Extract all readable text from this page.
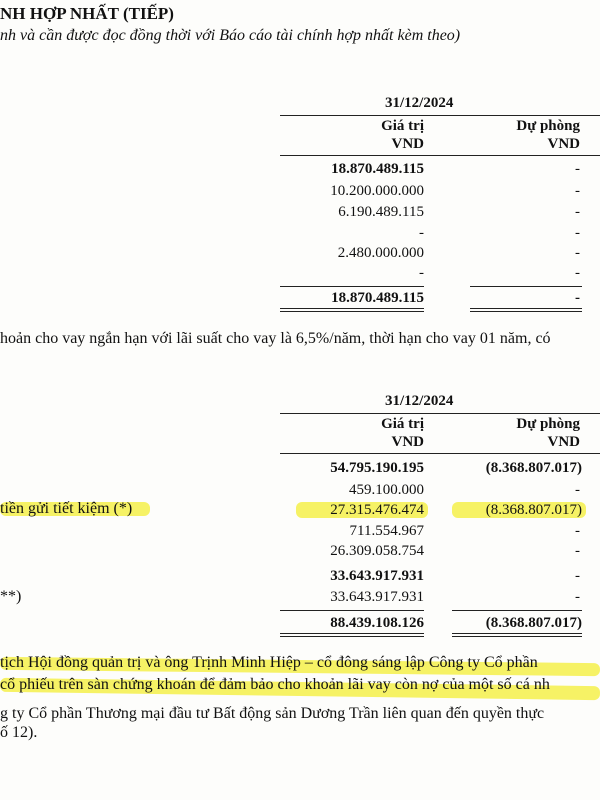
NH HỢP NHẤT (TIẾP)
nh và cần được đọc đồng thời với Báo cáo tài chính hợp nhất kèm theo)
31/12/2024
Giá trị
VND
Dự phòng
VND
18.870.489.115	-
10.200.000.000	-
6.190.489.115	-
-	-
2.480.000.000	-
-	-
18.870.489.115	-
hoản cho vay ngắn hạn với lãi suất cho vay là 6,5%/năm, thời hạn cho vay 01 năm, có
31/12/2024
Giá trị
VND
Dự phòng
VND
54.795.190.195	(8.368.807.017)
459.100.000	-
tiền gửi tiết kiệm (*)	27.315.476.474	(8.368.807.017)
711.554.967	-
26.309.058.754	-
33.643.917.931	-
**)	33.643.917.931	-
88.439.108.126	(8.368.807.017)
tịch Hội đồng quản trị và ông Trịnh Minh Hiệp – cổ đông sáng lập Công ty Cổ phần
cổ phiếu trên sàn chứng khoán để đảm bảo cho khoản lãi vay còn nợ của một số cá nh
g ty Cổ phần Thương mại đầu tư Bất động sản Dương Trần liên quan đến quyền thực
ố 12).
